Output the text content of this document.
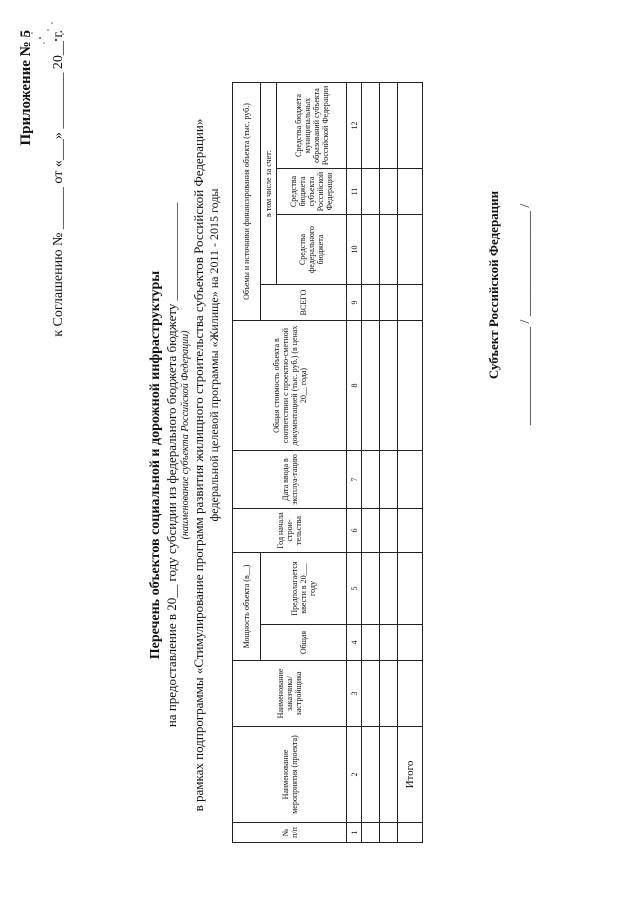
Приложение № 5 к Соглашению № ______ от «___» ________ 20__ г.
Перечень объектов социальной и дорожной инфраструктуры на предоставление в 20__ году субсидии из федерального бюджета бюджету _______________ (наименование субъекта Российской Федерации) в рамках подпрограммы «Стимулирование программ развития жилищного строительства субъектов Российской Федерации» федеральной целевой программы «Жилище» на 2011 - 2015 годы
№ п/п	Наименование мероприятия (проекта)	Наименование заказчика/ застройщика	Мощность объекта (в__)		Год начала строи-тельства	Дата ввода в эксплуа-тацию	Общая стоимость объекта в соответствии с проектно-сметной документацией (тыс. руб.) (в ценах 20__ года)	Объемы и источники финансирования объекта (тыс. руб.)			
			Общая	Предполагается ввести в 20___ году				ВСЕГО	в том числе за счет:		
									Средства федерального бюджета	Средства бюджета субъекта Российской Федерации	Средства бюджета муниципальных образований субъекта Российской Федерации
1	2	3	4	5	6	7	8	9	10	11	12

	Итого										
Субъект Российской Федерации ______________ / _______________ /
